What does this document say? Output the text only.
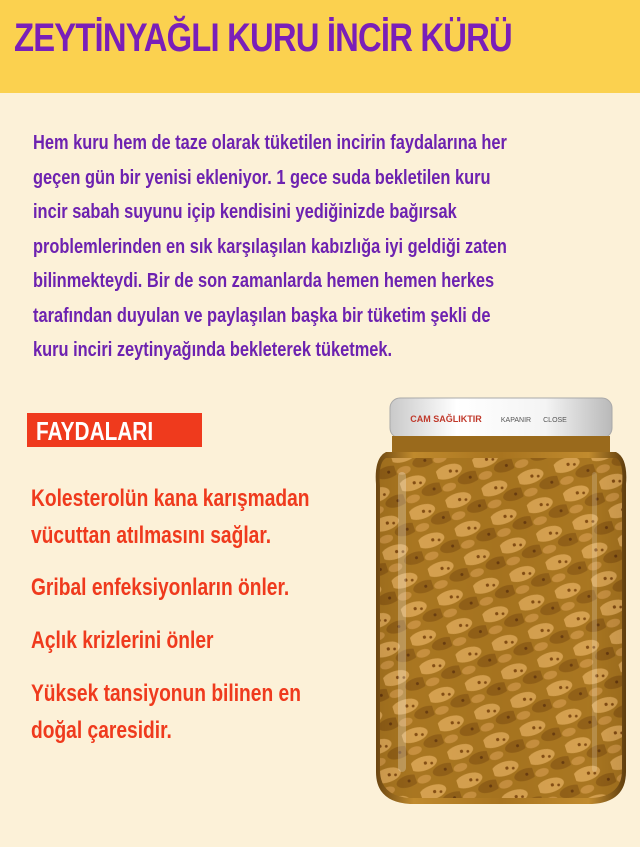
ZEYTİNYAĞLI KURU İNCİR KÜRÜ
Hem kuru hem de taze olarak tüketilen incirin faydalarına her
geçen gün bir yenisi ekleniyor. 1 gece suda bekletilen kuru
incir sabah suyunu içip kendisini yediğinizde bağırsak
problemlerinden en sık karşılaşılan kabızlığa iyi geldiği zaten
bilinmekteydi. Bir de son zamanlarda hemen hemen herkes
tarafından duyulan ve paylaşılan başka bir tüketim şekli de
kuru inciri zeytinyağında bekleterek tüketmek.
FAYDALARI
Kolesterolün kana karışmadan
vücuttan atılmasını sağlar.
Gribal enfeksiyonların önler.
Açlık krizlerini önler
Yüksek tansiyonun bilinen en
doğal çaresidir.
CAM SAĞLIKTIR	KAPANIR CLOSE
